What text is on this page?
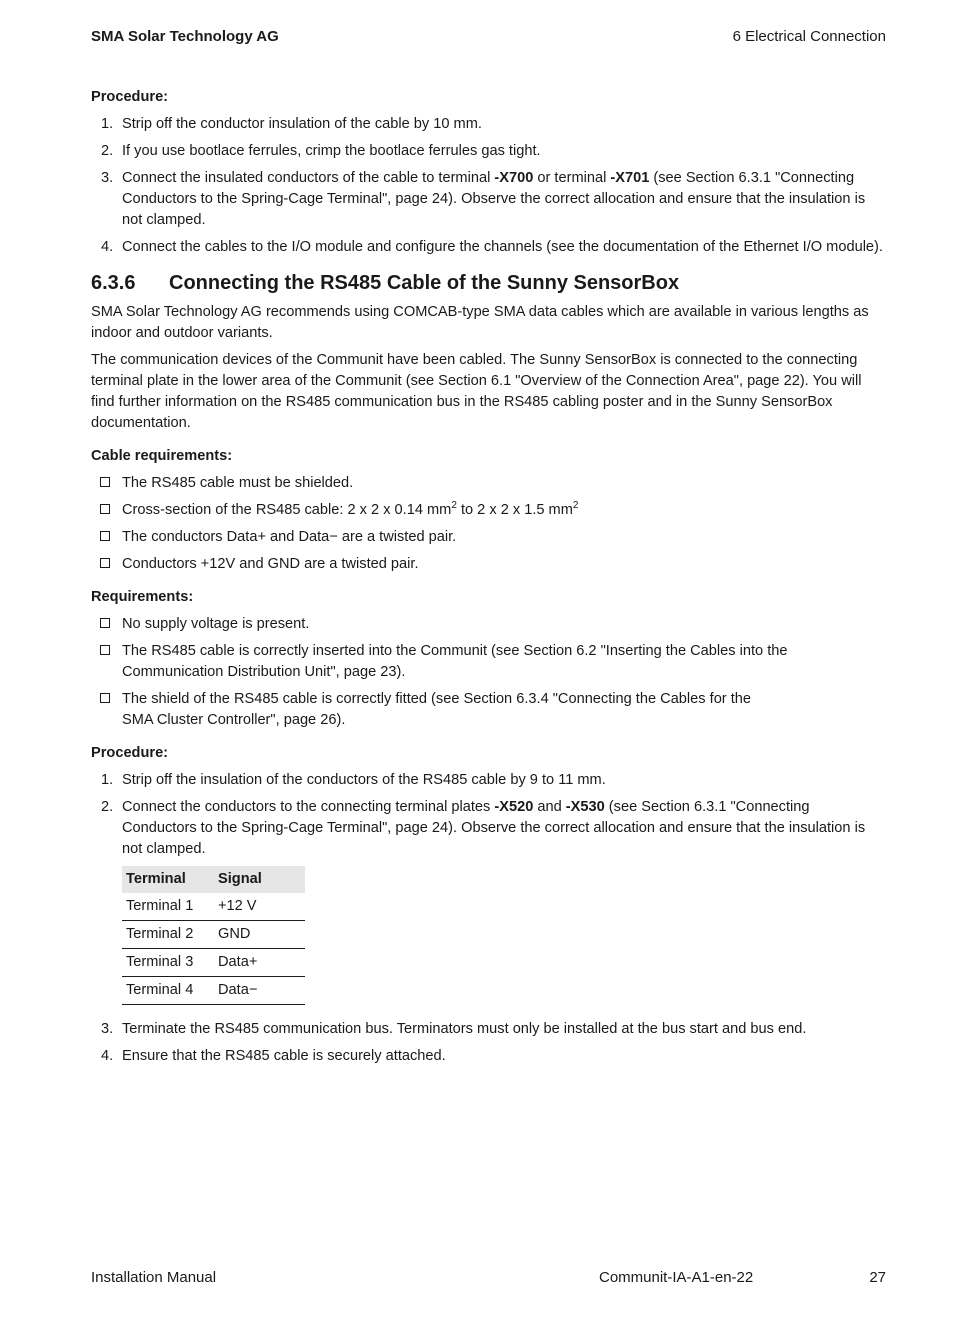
SMA Solar Technology AG	6 Electrical Connection
Procedure:
1. Strip off the conductor insulation of the cable by 10 mm.
2. If you use bootlace ferrules, crimp the bootlace ferrules gas tight.
3. Connect the insulated conductors of the cable to terminal -X700 or terminal -X701 (see Section 6.3.1 "Connecting Conductors to the Spring-Cage Terminal", page 24). Observe the correct allocation and ensure that the insulation is not clamped.
4. Connect the cables to the I/O module and configure the channels (see the documentation of the Ethernet I/O module).
6.3.6 Connecting the RS485 Cable of the Sunny SensorBox

SMA Solar Technology AG recommends using COMCAB-type SMA data cables which are available in various lengths as indoor and outdoor variants.

The communication devices of the Communit have been cabled. The Sunny SensorBox is connected to the connecting terminal plate in the lower area of the Communit (see Section 6.1 "Overview of the Connection Area", page 22). You will find further information on the RS485 communication bus in the RS485 cabling poster and in the Sunny SensorBox documentation.

Cable requirements:
The RS485 cable must be shielded.
Cross-section of the RS485 cable: 2 x 2 x 0.14 $mm^2$ to 2 x 2 x 1.5 $mm^2$
The conductors Data+ and Data− are a twisted pair.
Conductors +12V and GND are a twisted pair.
Requirements:
No supply voltage is present.
The RS485 cable is correctly inserted into the Communit (see Section 6.2 "Inserting the Cables into the Communication Distribution Unit", page 23).
The shield of the RS485 cable is correctly fitted (see Section 6.3.4 "Connecting the Cables for the SMA Cluster Controller", page 26).
Procedure:
1. Strip off the insulation of the conductors of the RS485 cable by 9 to 11 mm.
2. Connect the conductors to the connecting terminal plates -X520 and -X530 (see Section 6.3.1 "Connecting Conductors to the Spring-Cage Terminal", page 24). Observe the correct allocation and ensure that the insulation is not clamped.
Terminal	Signal
Terminal 1	+12 V
Terminal 2	GND
Terminal 3	Data+
Terminal 4	Data−
3. Terminate the RS485 communication bus. Terminators must only be installed at the bus start and bus end.
4. Ensure that the RS485 cable is securely attached.
Installation Manual	Communit-IA-A1-en-22	27
